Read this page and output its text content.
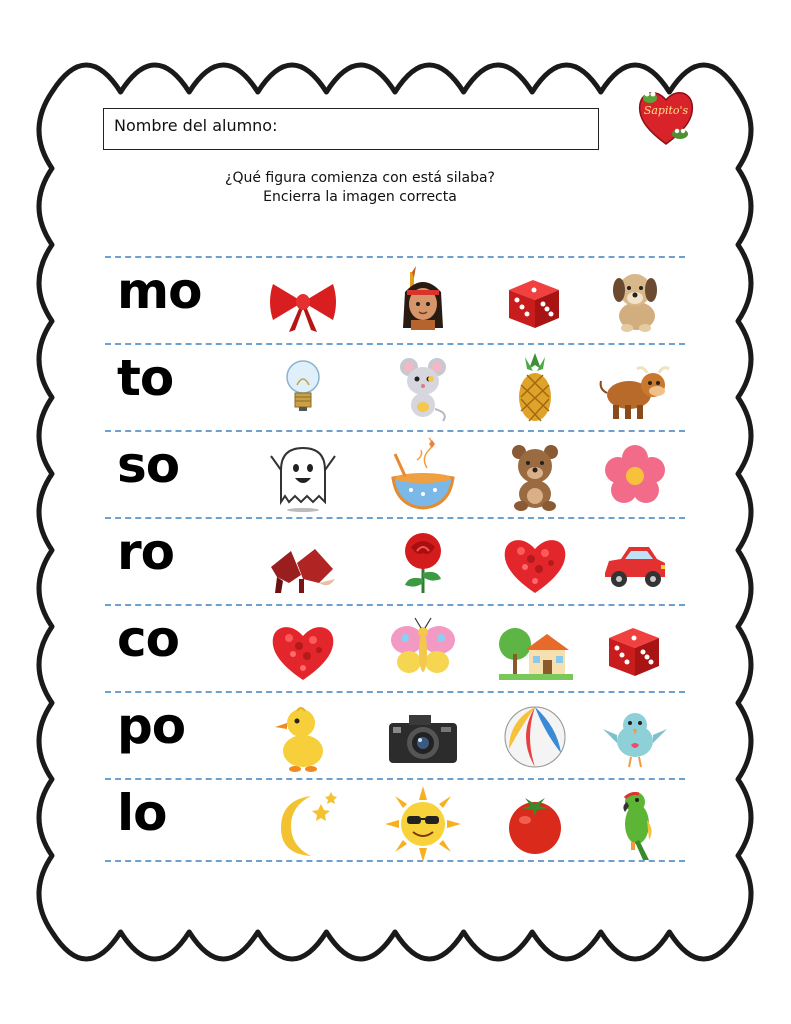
Nombre del alumno:
Sapito's
¿Qué figura comienza con está silaba?
Encierra la imagen correcta
mo
to
so
ro
co
po
lo
